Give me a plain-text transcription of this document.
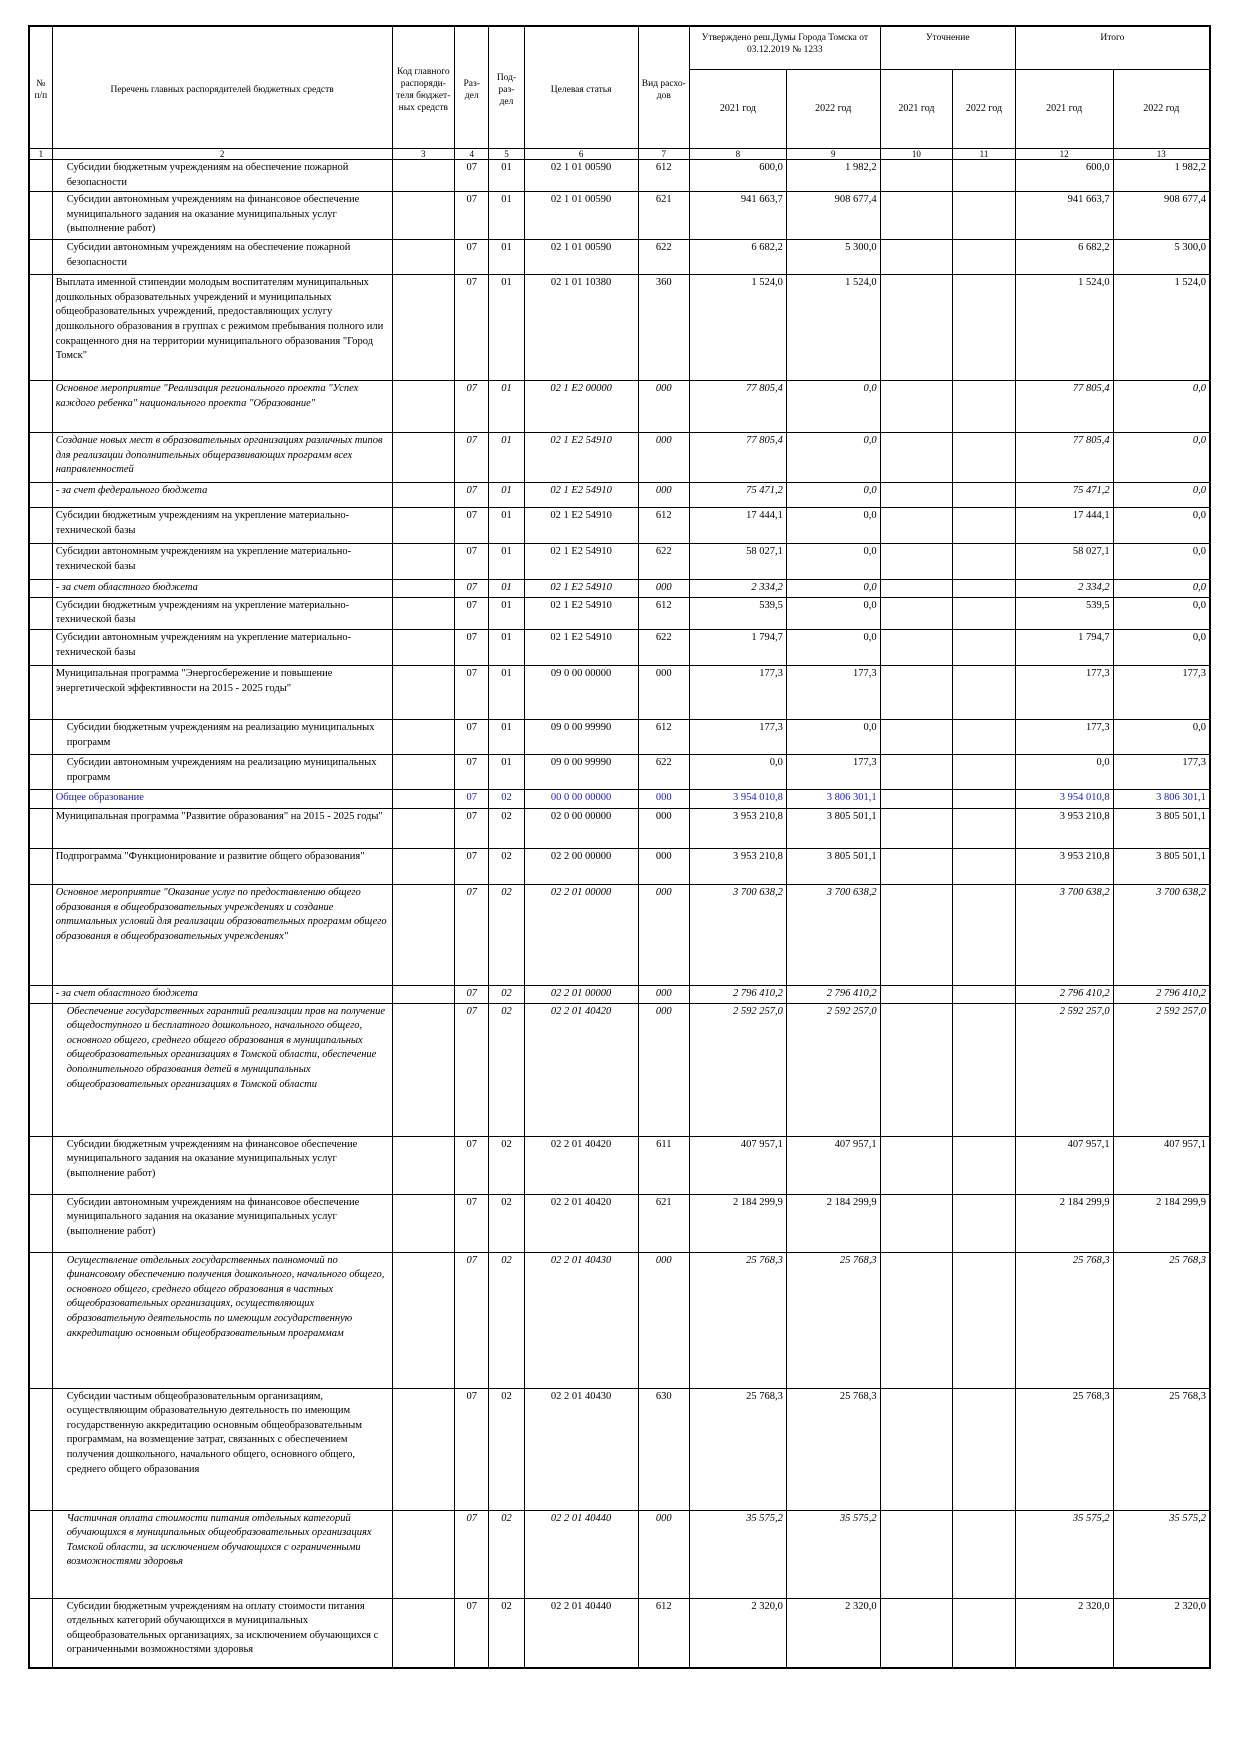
№ п/п	Перечень главных распорядителей бюджетных средств	Код главного распоряди-теля бюджет-ных средств	Раз-дел	Под-раз-дел	Целевая статья	Вид расхо-дов	Утверждено реш.Думы Города Томска от 03.12.2019 № 1233		Уточнение		Итого	
							2021 год	2022 год	2021 год	2022 год	2021 год	2022 год
1	2	3	4	5	6	7	8	9	10	11	12	13
	Субсидии бюджетным учреждениям на обеспечение пожарной безопасности		07	01	02 1 01 00590	612	600,0	1 982,2			600,0	1 982,2
	Субсидии автономным учреждениям на финансовое обеспечение муниципального задания на оказание муниципальных услуг (выполнение работ)		07	01	02 1 01 00590	621	941 663,7	908 677,4			941 663,7	908 677,4
	Субсидии автономным учреждениям на обеспечение пожарной безопасности		07	01	02 1 01 00590	622	6 682,2	5 300,0			6 682,2	5 300,0
	Выплата именной стипендии молодым воспитателям муниципальных дошкольных образовательных учреждений и муниципальных общеобразовательных учреждений, предоставляющих услугу дошкольного образования в группах с режимом пребывания полного или сокращенного дня на территории муниципального образования "Город Томск"		07	01	02 1 01 10380	360	1 524,0	1 524,0			1 524,0	1 524,0
	Основное мероприятие "Реализация регионального проекта "Успех каждого ребенка" национального проекта "Образование"		07	01	02 1 E2 00000	000	77 805,4	0,0			77 805,4	0,0
	Создание новых мест в образовательных организациях различных типов для реализации дополнительных общеразвивающих программ всех направленностей		07	01	02 1 E2 54910	000	77 805,4	0,0			77 805,4	0,0
	- за счет федерального бюджета		07	01	02 1 E2 54910	000	75 471,2	0,0			75 471,2	0,0
	Субсидии бюджетным учреждениям на укрепление материально-технической базы		07	01	02 1 E2 54910	612	17 444,1	0,0			17 444,1	0,0
	Субсидии автономным учреждениям на укрепление материально-технической базы		07	01	02 1 E2 54910	622	58 027,1	0,0			58 027,1	0,0
	- за счет областного бюджета		07	01	02 1 E2 54910	000	2 334,2	0,0			2 334,2	0,0
	Субсидии бюджетным учреждениям на укрепление материально-технической базы		07	01	02 1 E2 54910	612	539,5	0,0			539,5	0,0
	Субсидии автономным учреждениям на укрепление материально-технической базы		07	01	02 1 E2 54910	622	1 794,7	0,0			1 794,7	0,0
	Муниципальная программа "Энергосбережение и повышение энергетической эффективности на 2015 - 2025 годы"		07	01	09 0 00 00000	000	177,3	177,3			177,3	177,3
	Субсидии бюджетным учреждениям на реализацию муниципальных программ		07	01	09 0 00 99990	612	177,3	0,0			177,3	0,0
	Субсидии автономным учреждениям на реализацию муниципальных программ		07	01	09 0 00 99990	622	0,0	177,3			0,0	177,3
	Общее образование		07	02	00 0 00 00000	000	3 954 010,8	3 806 301,1			3 954 010,8	3 806 301,1
	Муниципальная программа "Развитие образования" на 2015 - 2025 годы"		07	02	02 0 00 00000	000	3 953 210,8	3 805 501,1			3 953 210,8	3 805 501,1
	Подпрограмма "Функционирование и развитие общего образования"		07	02	02 2 00 00000	000	3 953 210,8	3 805 501,1			3 953 210,8	3 805 501,1
	Основное мероприятие "Оказание услуг по предоставлению общего образования в общеобразовательных учреждениях и создание оптимальных условий для реализации образовательных программ общего образования в общеобразовательных учреждениях"		07	02	02 2 01 00000	000	3 700 638,2	3 700 638,2			3 700 638,2	3 700 638,2
	- за счет областного бюджета		07	02	02 2 01 00000	000	2 796 410,2	2 796 410,2			2 796 410,2	2 796 410,2
	Обеспечение государственных гарантий реализации прав на получение общедоступного и бесплатного дошкольного, начального общего, основного общего, среднего общего образования в муниципальных общеобразовательных организациях в Томской области, обеспечение дополнительного образования детей в муниципальных общеобразовательных организациях в Томской области		07	02	02 2 01 40420	000	2 592 257,0	2 592 257,0			2 592 257,0	2 592 257,0
	Субсидии бюджетным учреждениям на финансовое обеспечение муниципального задания на оказание муниципальных услуг (выполнение работ)		07	02	02 2 01 40420	611	407 957,1	407 957,1			407 957,1	407 957,1
	Субсидии автономным учреждениям на финансовое обеспечение муниципального задания на оказание муниципальных услуг (выполнение работ)		07	02	02 2 01 40420	621	2 184 299,9	2 184 299,9			2 184 299,9	2 184 299,9
	Осуществление отдельных государственных полномочий по финансовому обеспечению получения дошкольного, начального общего, основного общего, среднего общего образования в частных общеобразовательных организациях, осуществляющих образовательную деятельность по имеющим государственную аккредитацию основным общеобразовательным программам		07	02	02 2 01 40430	000	25 768,3	25 768,3			25 768,3	25 768,3
	Субсидии частным общеобразовательным организациям, осуществляющим образовательную деятельность по имеющим государственную аккредитацию основным общеобразовательным программам, на возмещение затрат, связанных с обеспечением получения дошкольного, начального общего, основного общего, среднего общего образования		07	02	02 2 01 40430	630	25 768,3	25 768,3			25 768,3	25 768,3
	Частичная оплата стоимости питания отдельных категорий обучающихся в муниципальных общеобразовательных организациях Томской области, за исключением обучающихся с ограниченными возможностями здоровья		07	02	02 2 01 40440	000	35 575,2	35 575,2			35 575,2	35 575,2
	Субсидии бюджетным учреждениям на оплату стоимости питания отдельных категорий обучающихся в муниципальных общеобразовательных организациях, за исключением обучающихся с ограниченными возможностями здоровья		07	02	02 2 01 40440	612	2 320,0	2 320,0			2 320,0	2 320,0
